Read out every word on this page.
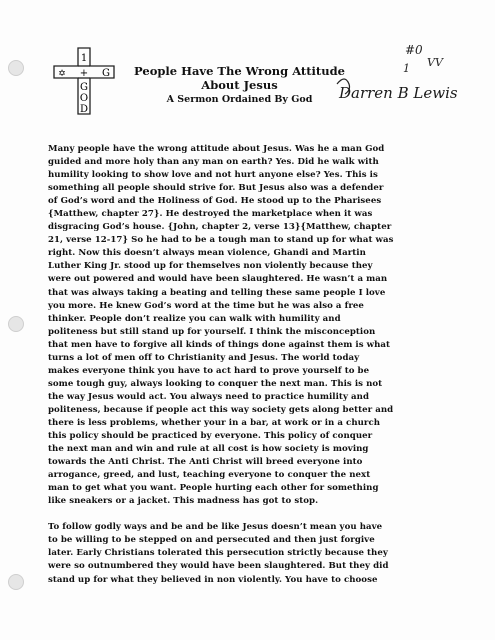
1
+
✡	G
G
O
D
People Have The Wrong Attitude
About Jesus
A Sermon Ordained By God
#0
VV
1
Darren B Lewis

Many people have the wrong attitude about Jesus. Was he a man God
guided and more holy than any man on earth? Yes. Did he walk with
humility looking to show love and not hurt anyone else? Yes. This is
something all people should strive for. But Jesus also was a defender
of God’s word and the Holiness of God. He stood up to the Pharisees
{Matthew, chapter 27}. He destroyed the marketplace when it was
disgracing God’s house. {John, chapter 2, verse 13}{Matthew, chapter
21, verse 12-17} So he had to be a tough man to stand up for what was
right. Now this doesn’t always mean violence, Ghandi and Martin
Luther King Jr. stood up for themselves non violently because they
were out powered and would have been slaughtered. He wasn’t a man
that was always taking a beating and telling these same people I love
you more. He knew God’s word at the time but he was also a free
thinker. People don’t realize you can walk with humility and
politeness but still stand up for yourself. I think the misconception
that men have to forgive all kinds of things done against them is what
turns a lot of men off to Christianity and Jesus. The world today
makes everyone think you have to act hard to prove yourself to be
some tough guy, always looking to conquer the next man. This is not
the way Jesus would act. You always need to practice humility and
politeness, because if people act this way society gets along better and
there is less problems, whether your in a bar, at work or in a church
this policy should be practiced by everyone. This policy of conquer
the next man and win and rule at all cost is how society is moving
towards the Anti Christ. The Anti Christ will breed everyone into
arrogance, greed, and lust, teaching everyone to conquer the next
man to get what you want. People hurting each other for something
like sneakers or a jacket. This madness has got to stop.

To follow godly ways and be and be like Jesus doesn’t mean you have
to be willing to be stepped on and persecuted and then just forgive
later. Early Christians tolerated this persecution strictly because they
were so outnumbered they would have been slaughtered. But they did
stand up for what they believed in non violently. You have to choose
